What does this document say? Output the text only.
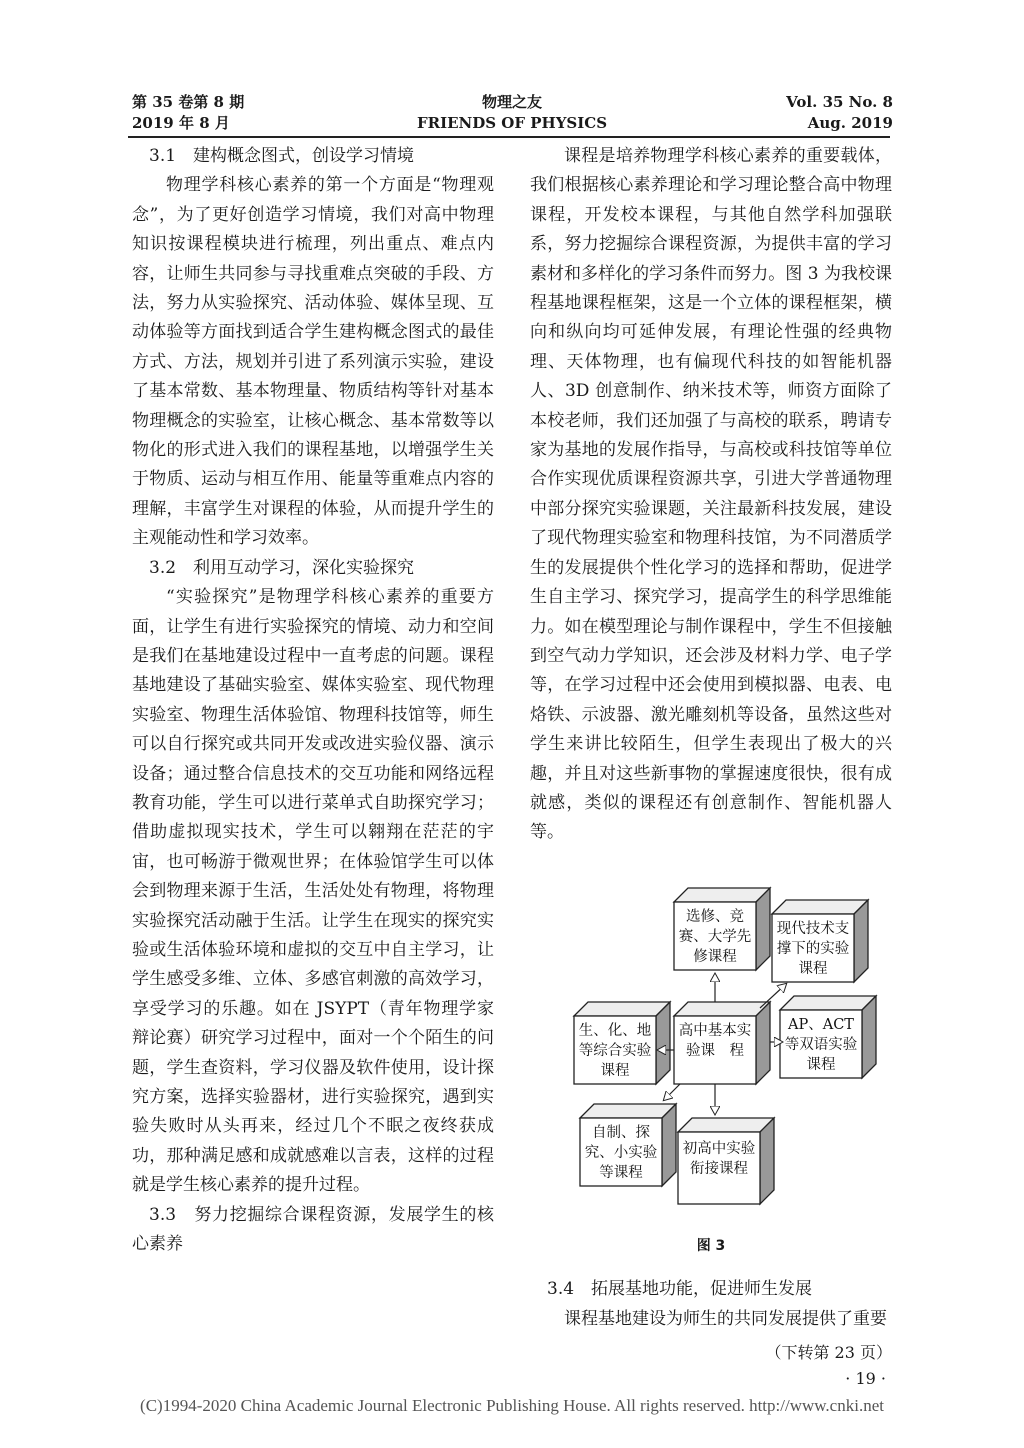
第 35 卷第 8 期
2019 年 8 月
物理之友
FRIENDS OF PHYSICS
Vol. 35 No. 8
Aug. 2019

3.1　建构概念图式，创设学习情境

物理学科核心素养的第一个方面是“物理观念”，为了更好创造学习情境，我们对高中物理知识按课程模块进行梳理，列出重点、难点内容，让师生共同参与寻找重难点突破的手段、方法，努力从实验探究、活动体验、媒体呈现、互动体验等方面找到适合学生建构概念图式的最佳方式、方法，规划并引进了系列演示实验，建设了基本常数、基本物理量、物质结构等针对基本物理概念的实验室，让核心概念、基本常数等以物化的形式进入我们的课程基地，以增强学生关于物质、运动与相互作用、能量等重难点内容的理解，丰富学生对课程的体验，从而提升学生的主观能动性和学习效率。

3.2　利用互动学习，深化实验探究

“实验探究”是物理学科核心素养的重要方面，让学生有进行实验探究的情境、动力和空间是我们在基地建设过程中一直考虑的问题。课程基地建设了基础实验室、媒体实验室、现代物理实验室、物理生活体验馆、物理科技馆等，师生可以自行探究或共同开发或改进实验仪器、演示设备；通过整合信息技术的交互功能和网络远程教育功能，学生可以进行菜单式自助探究学习；借助虚拟现实技术，学生可以翱翔在茫茫的宇宙，也可畅游于微观世界；在体验馆学生可以体会到物理来源于生活，生活处处有物理，将物理实验探究活动融于生活。让学生在现实的探究实验或生活体验环境和虚拟的交互中自主学习，让学生感受多维、立体、多感官刺激的高效学习，享受学习的乐趣。如在 JSYPT（青年物理学家辩论赛）研究学习过程中，面对一个个陌生的问题，学生查资料，学习仪器及软件使用，设计探究方案，选择实验器材，进行实验探究，遇到实验失败时从头再来，经过几个不眠之夜终获成功，那种满足感和成就感难以言表，这样的过程就是学生核心素养的提升过程。

3.3　努力挖掘综合课程资源，发展学生的核心素养

课程是培养物理学科核心素养的重要载体，我们根据核心素养理论和学习理论整合高中物理课程，开发校本课程，与其他自然学科加强联系，努力挖掘综合课程资源，为提供丰富的学习素材和多样化的学习条件而努力。图 3 为我校课程基地课程框架，这是一个立体的课程框架，横向和纵向均可延伸发展，有理论性强的经典物理、天体物理，也有偏现代科技的如智能机器人、3D 创意制作、纳米技术等，师资方面除了本校老师，我们还加强了与高校的联系，聘请专家为基地的发展作指导，与高校或科技馆等单位合作实现优质课程资源共享，引进大学普通物理中部分探究实验课题，关注最新科技发展，建设了现代物理实验室和物理科技馆，为不同潜质学生的发展提供个性化学习的选择和帮助，促进学生自主学习、探究学习，提高学生的科学思维能力。如在模型理论与制作课程中，学生不但接触到空气动力学知识，还会涉及材料力学、电子学等，在学习过程中还会使用到模拟器、电表、电烙铁、示波器、激光雕刻机等设备，虽然这些对学生来讲比较陌生，但学生表现出了极大的兴趣，并且对这些新事物的掌握速度很快，很有成就感，类似的课程还有创意制作、智能机器人等。

选修、竞赛、大学先修课程
现代技术支撑下的实验课程
生、化、地等综合实验课程
高中基本实验课　程
AP、ACT 等双语实验课程
自制、探究、小实验等课程
初高中实验衔接课程
图 3

3.4　拓展基地功能，促进师生发展

课程基地建设为师生的共同发展提供了重要

（下转第 23 页）
· 19 ·
(C)1994-2020 China Academic Journal Electronic Publishing House. All rights reserved. http://www.cnki.net
